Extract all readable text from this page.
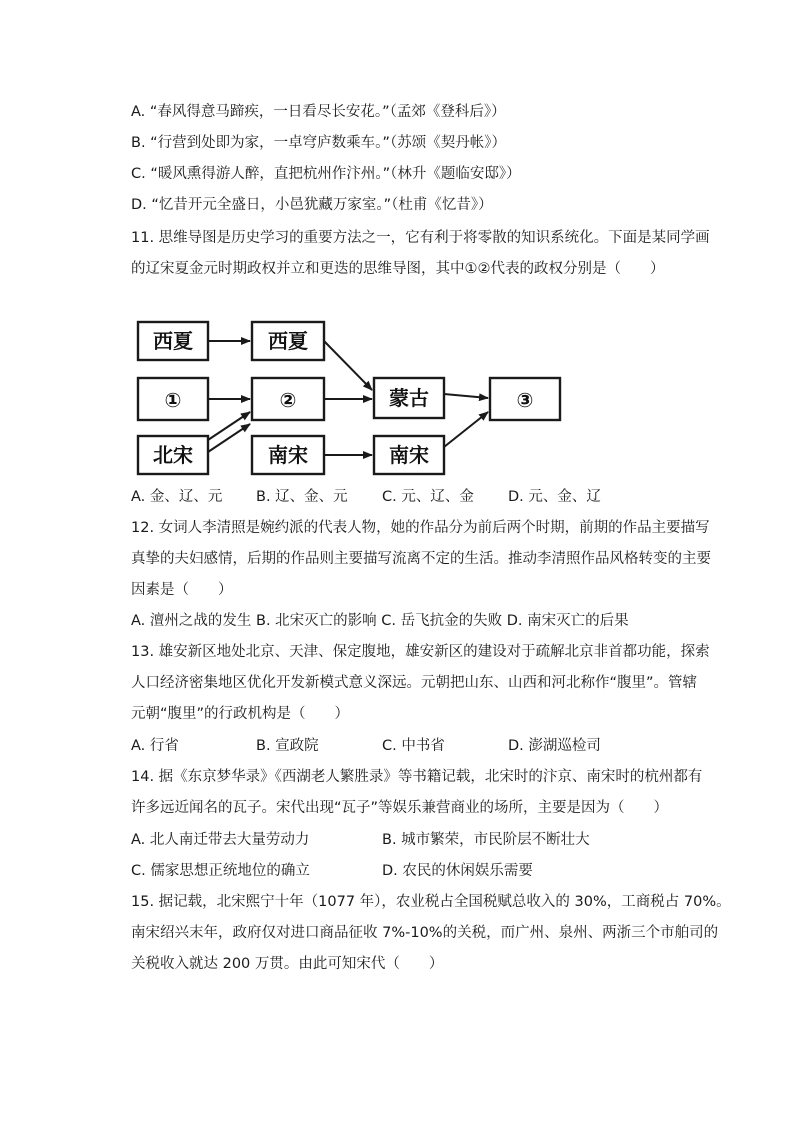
A. “春风得意马蹄疾，一日看尽长安花。”（孟郊《登科后》）
B. “行营到处即为家，一卓穹庐数乘车。”（苏颂《契丹帐》）
C. “暖风熏得游人醉，直把杭州作汴州。”（林升《题临安邸》）
D. “忆昔开元全盛日，小邑犹藏万家室。”（杜甫《忆昔》）
11. 思维导图是历史学习的重要方法之一，它有利于将零散的知识系统化。下面是某同学画
的辽宋夏金元时期政权并立和更迭的思维导图，其中①②代表的政权分别是（　　）
西夏
①
北宋
西夏
②
南宋
蒙古
南宋
③
A. 金、辽、元 B. 辽、金、元 C. 元、辽、金 D. 元、金、辽
12. 女词人李清照是婉约派的代表人物，她的作品分为前后两个时期，前期的作品主要描写
真挚的夫妇感情，后期的作品则主要描写流离不定的生活。推动李清照作品风格转变的主要
因素是（　　）
A. 澶州之战的发生 B. 北宋灭亡的影响 C. 岳飞抗金的失败 D. 南宋灭亡的后果
13. 雄安新区地处北京、天津、保定腹地，雄安新区的建设对于疏解北京非首都功能，探索
人口经济密集地区优化开发新模式意义深远。元朝把山东、山西和河北称作“腹里”。管辖
元朝“腹里”的行政机构是（　　）
A. 行省	B. 宣政院	C. 中书省	D. 澎湖巡检司
14. 据《东京梦华录》《西湖老人繁胜录》等书籍记载，北宋时的汴京、南宋时的杭州都有
许多远近闻名的瓦子。宋代出现“瓦子”等娱乐兼营商业的场所，主要是因为（　　）
A. 北人南迁带去大量劳动力	B. 城市繁荣，市民阶层不断壮大
C. 儒家思想正统地位的确立	D. 农民的休闲娱乐需要
15. 据记载，北宋熙宁十年（1077 年），农业税占全国税赋总收入的 30%，工商税占 70%。
南宋绍兴末年，政府仅对进口商品征收 7%-10%的关税，而广州、泉州、两浙三个市舶司的
关税收入就达 200 万贯。由此可知宋代（　　）
